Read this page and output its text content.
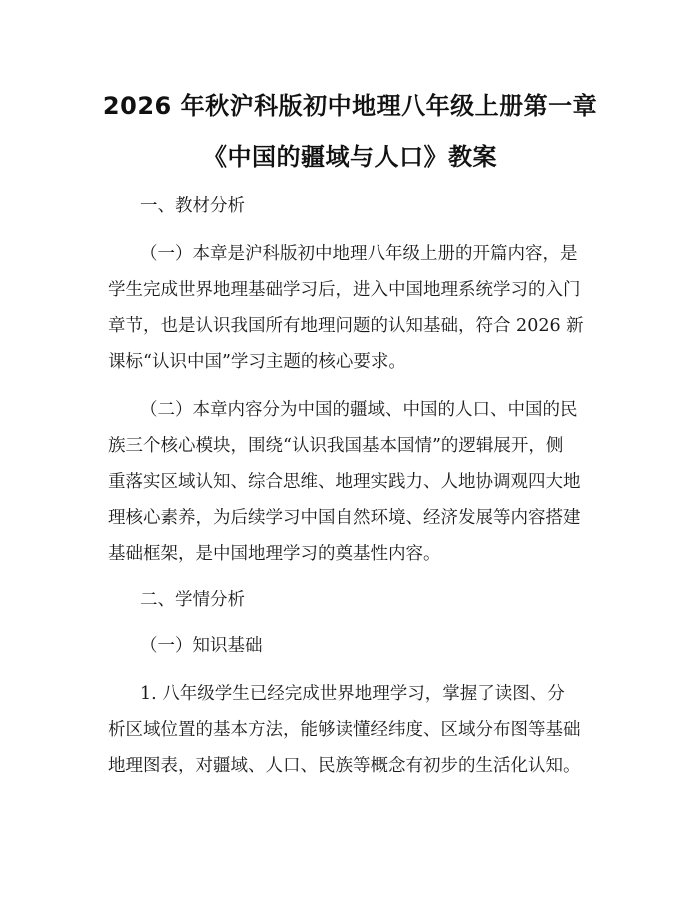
2026 年秋沪科版初中地理八年级上册第一章
《中国的疆域与人口》教案
一、教材分析
（一）本章是沪科版初中地理八年级上册的开篇内容，是
学生完成世界地理基础学习后，进入中国地理系统学习的入门
章节，也是认识我国所有地理问题的认知基础，符合 2026 新
课标“认识中国”学习主题的核心要求。
（二）本章内容分为中国的疆域、中国的人口、中国的民
族三个核心模块，围绕“认识我国基本国情”的逻辑展开，侧
重落实区域认知、综合思维、地理实践力、人地协调观四大地
理核心素养，为后续学习中国自然环境、经济发展等内容搭建
基础框架，是中国地理学习的奠基性内容。
二、学情分析
（一）知识基础
1. 八年级学生已经完成世界地理学习，掌握了读图、分
析区域位置的基本方法，能够读懂经纬度、区域分布图等基础
地理图表，对疆域、人口、民族等概念有初步的生活化认知。
